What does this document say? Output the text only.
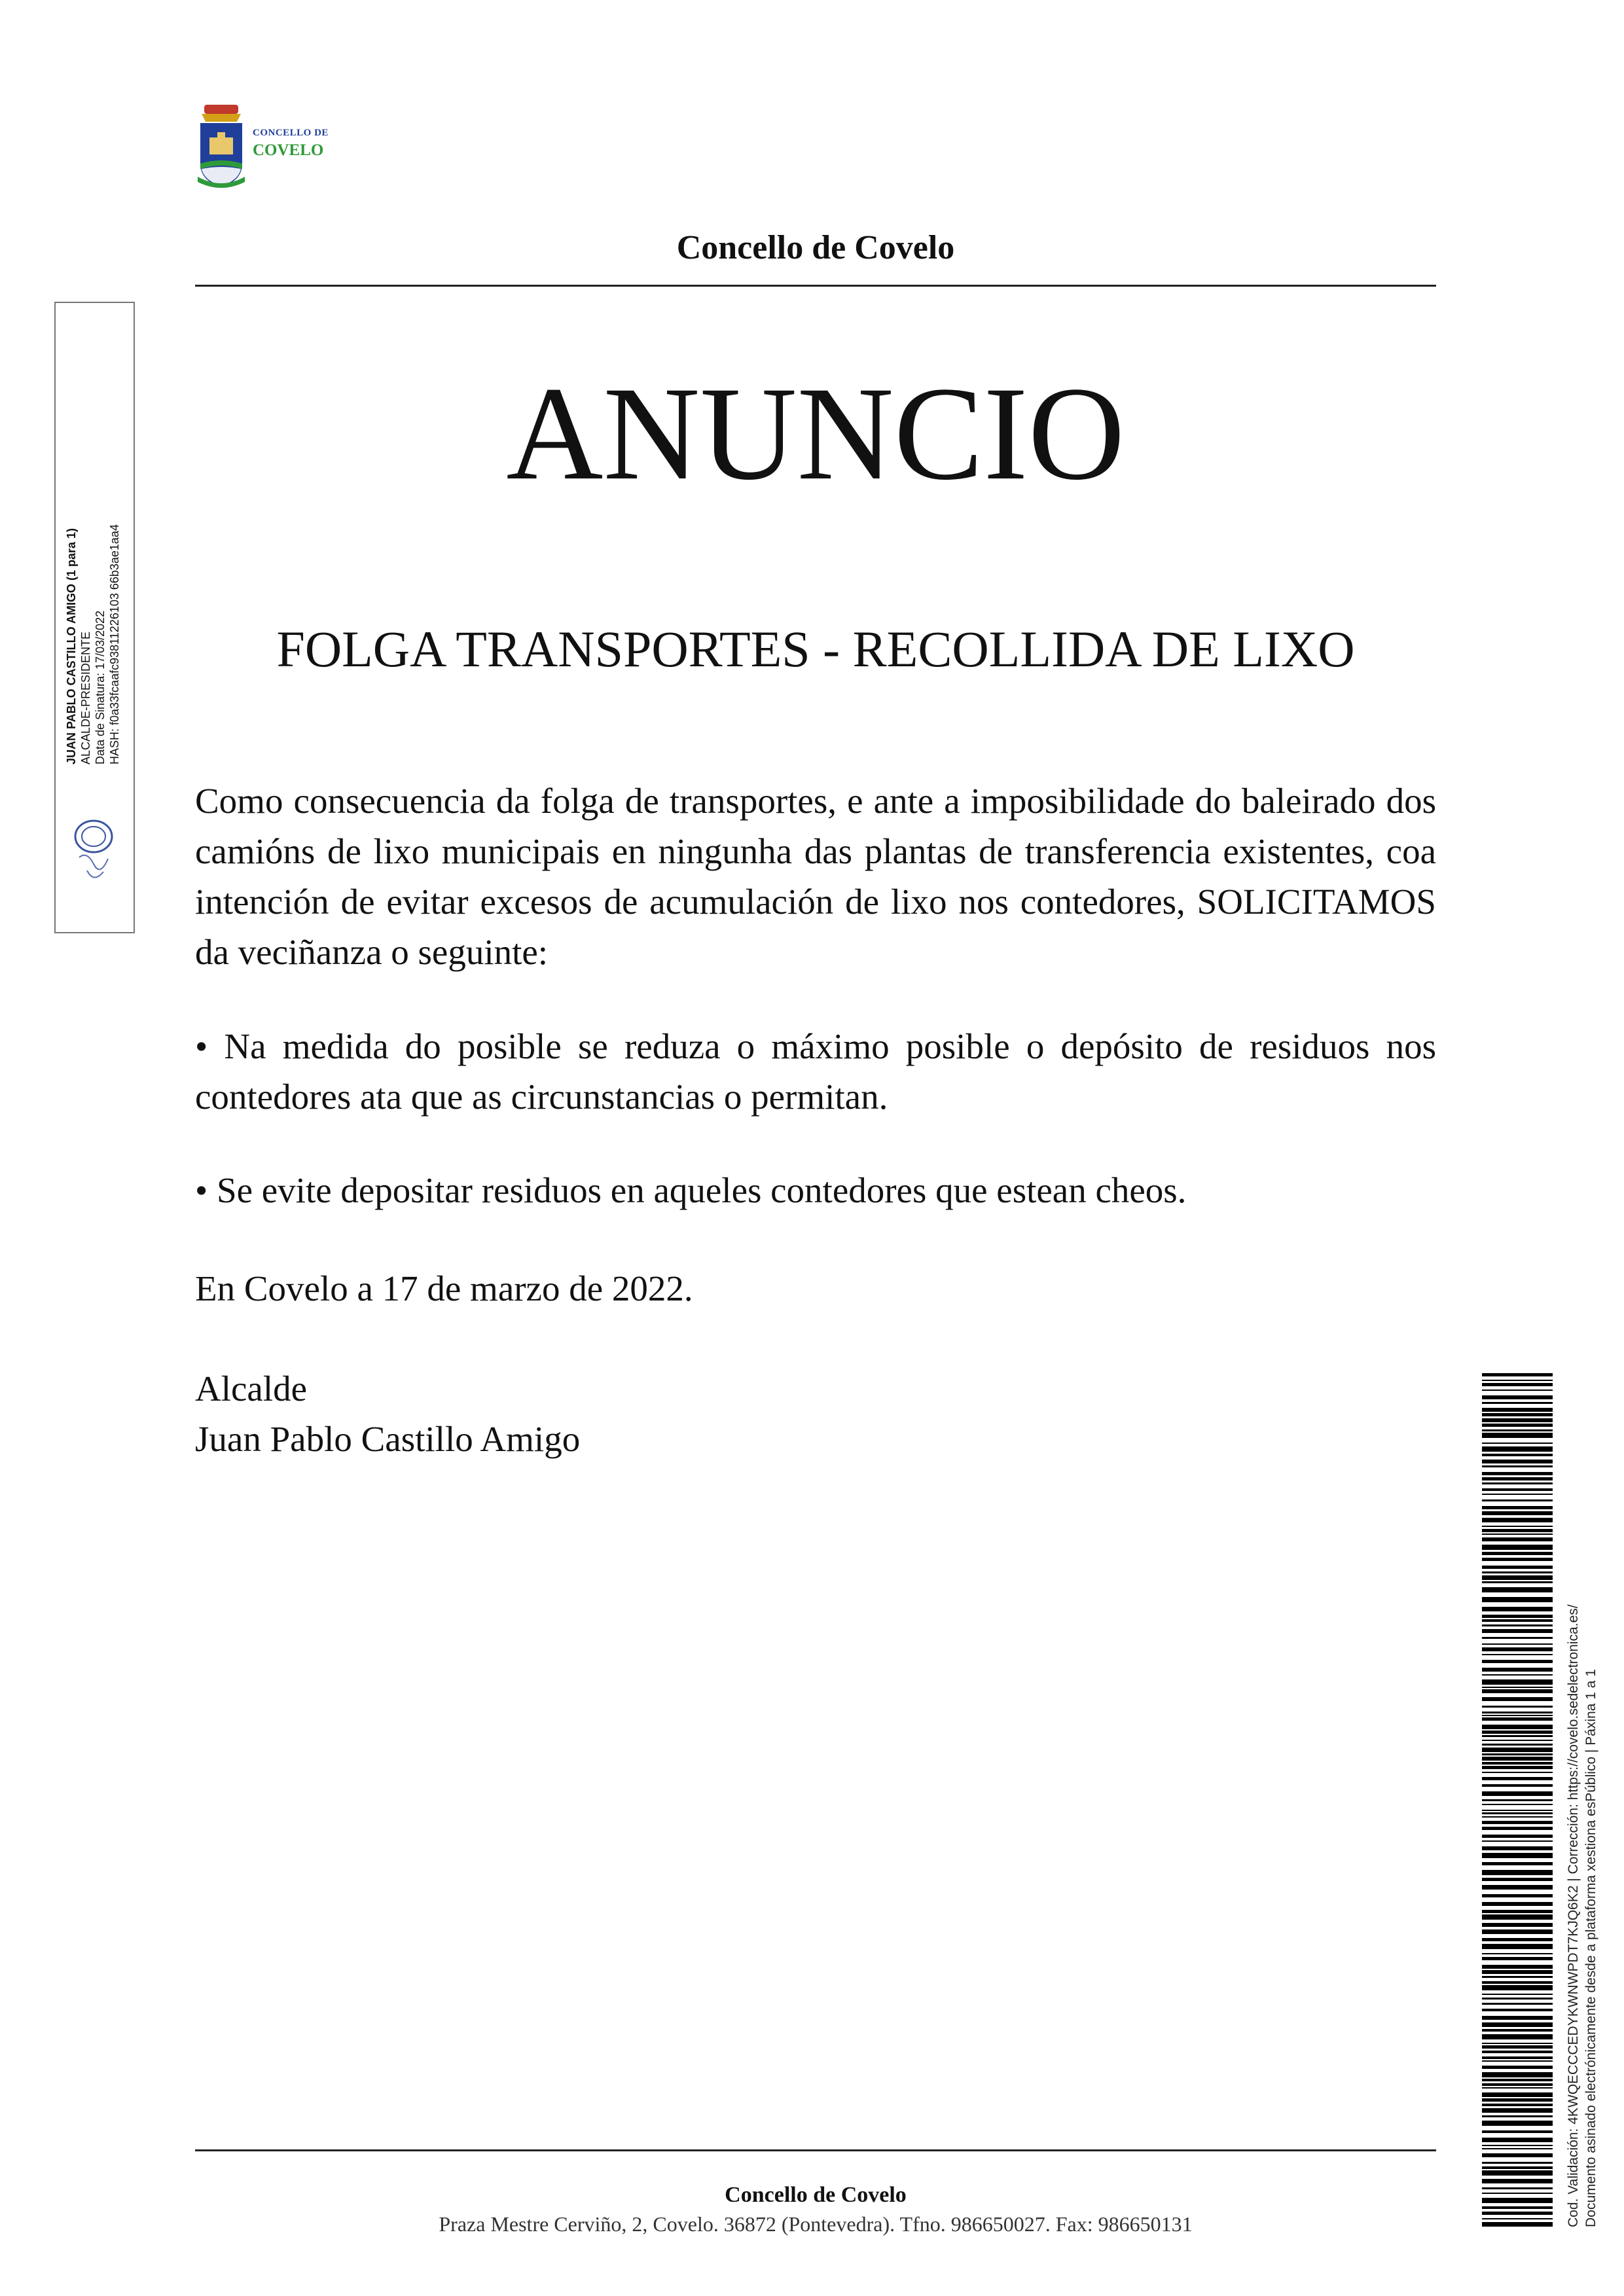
CONCELLO DE
COVELO
Concello de Covelo
JUAN PABLO CASTILLO AMIGO (1 para 1) ALCALDE-PRESIDENTE Data de Sinatura: 17/03/2022 HASH: f0a33fcaafc93811226103 66b3ae1aa4
ANUNCIO
FOLGA TRANSPORTES - RECOLLIDA DE LIXO
Como consecuencia da folga de transportes, e ante a imposibilidade do baleirado dos camións de lixo municipais en ningunha das plantas de transferencia existentes, coa intención de evitar excesos de acumulación de lixo nos contedores, SOLICITAMOS da veciñanza o seguinte:
• Na medida do posible se reduza o máximo posible o depósito de residuos nos contedores ata que as circunstancias o permitan.
• Se evite depositar residuos en aqueles contedores que estean cheos.
En Covelo a 17 de marzo de 2022.
Alcalde
Juan Pablo Castillo Amigo
Concello de Covelo
Praza Mestre Cerviño, 2, Covelo. 36872 (Pontevedra). Tfno. 986650027. Fax: 986650131	Cod. Validación: 4KWQECCCEDYKWNWPDT7KJQ6K2 | Corrección: https://covelo.sedelectronica.es/ Documento asinado electrónicamente desde a plataforma xestiona esPúblico | Páxina 1 a 1
